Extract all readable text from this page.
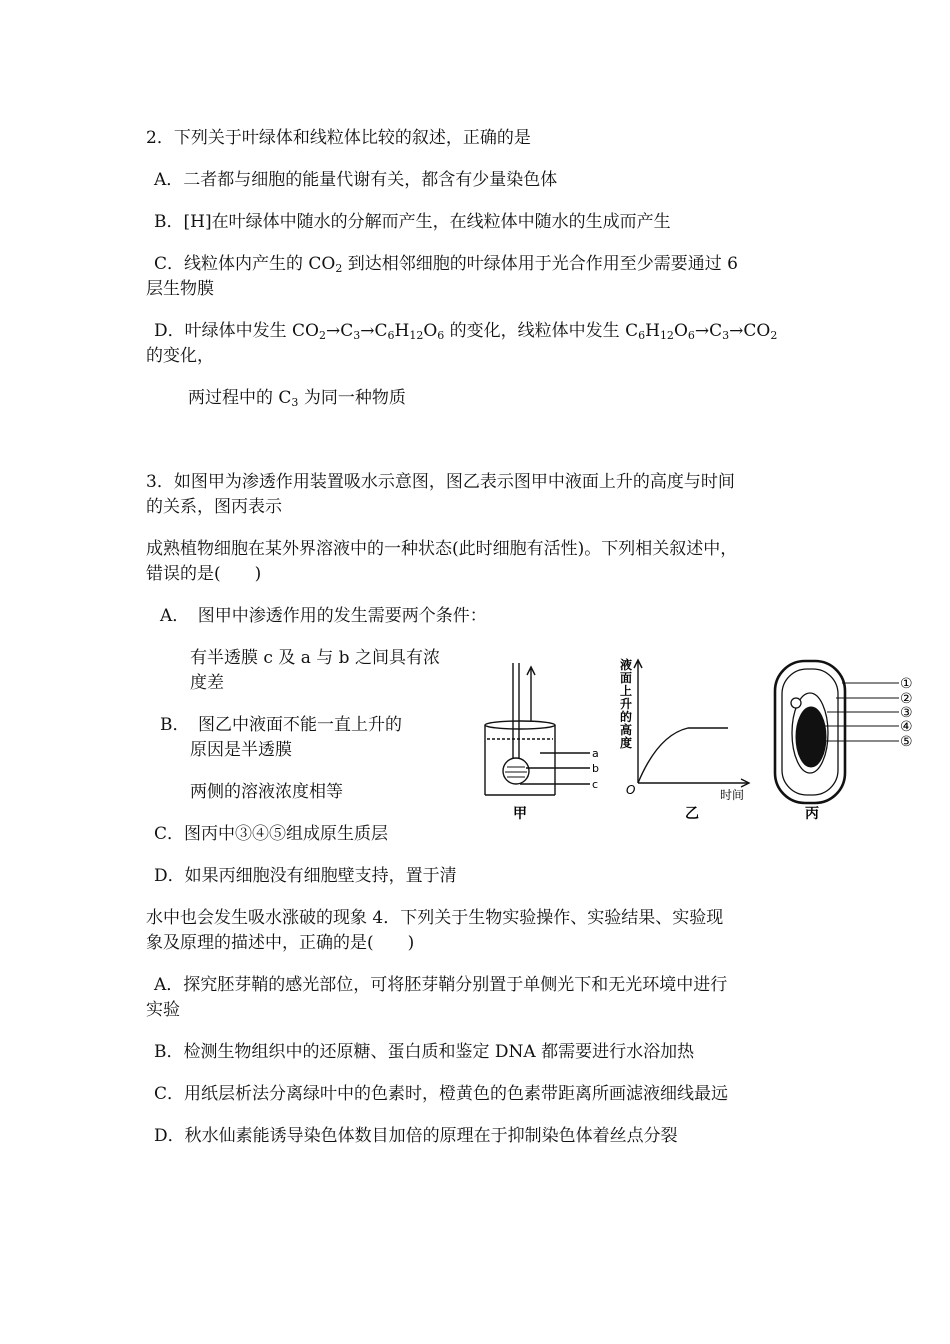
2．下列关于叶绿体和线粒体比较的叙述，正确的是
A．二者都与细胞的能量代谢有关，都含有少量染色体
B．[H]在叶绿体中随水的分解而产生，在线粒体中随水的生成而产生
C．线粒体内产生的 $CO_2$ 到达相邻细胞的叶绿体用于光合作用至少需要通过 6
层生物膜
D．叶绿体中发生 $CO_2\to C_3\to C_6H_{12}O_6$ 的变化，线粒体中发生 $C_6H_{12}O_6\to C_3\to CO_2$
的变化，
两过程中的 $C_3$ 为同一种物质
3．如图甲为渗透作用装置吸水示意图，图乙表示图甲中液面上升的高度与时间
的关系，图丙表示
成熟植物细胞在某外界溶液中的一种状态(此时细胞有活性)。下列相关叙述中，
错误的是(　　)
A．　图甲中渗透作用的发生需要两个条件：
有半透膜 c 及 a 与 b 之间具有浓
度差
B．　图乙中液面不能一直上升的
原因是半透膜
两侧的溶液浓度相等
C．图丙中③④⑤组成原生质层
D．如果丙细胞没有细胞壁支持，置于清
水中也会发生吸水涨破的现象 4．下列关于生物实验操作、实验结果、实验现
象及原理的描述中，正确的是(　　)
A．探究胚芽鞘的感光部位，可将胚芽鞘分别置于单侧光下和无光环境中进行
实验
B．检测生物组织中的还原糖、蛋白质和鉴定 DNA 都需要进行水浴加热
C．用纸层析法分离绿叶中的色素时，橙黄色的色素带距离所画滤液细线最远
D．秋水仙素能诱导染色体数目加倍的原理在于抑制染色体着丝点分裂
a
b
c
甲
液面上升的高度
O	时间
乙
①
②
③
④
⑤
丙
